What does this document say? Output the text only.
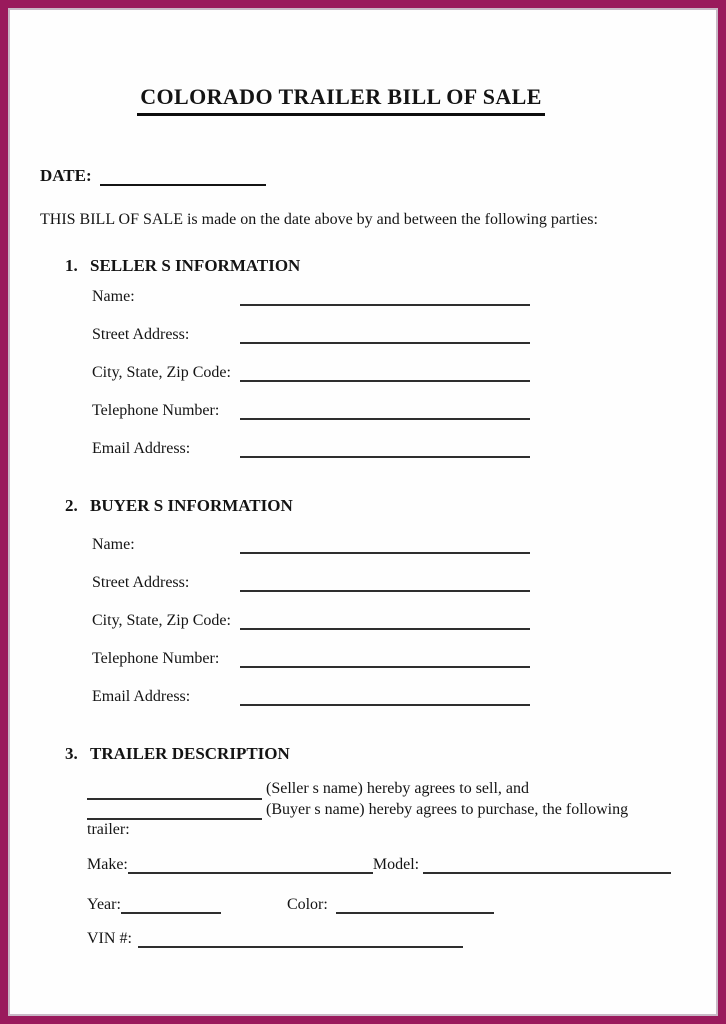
COLORADO TRAILER BILL OF SALE
DATE:
THIS BILL OF SALE is made on the date above by and between the following parties:
1. SELLER S INFORMATION
Name:
Street Address:
City, State, Zip Code:
Telephone Number:
Email Address:
2. BUYER S INFORMATION
Name:
Street Address:
City, State, Zip Code:
Telephone Number:
Email Address:
3. TRAILER DESCRIPTION
(Seller s name) hereby agrees to sell, and
(Buyer s name) hereby agrees to purchase, the following
trailer:
Make:	Model:
Year:	Color:
VIN #:
